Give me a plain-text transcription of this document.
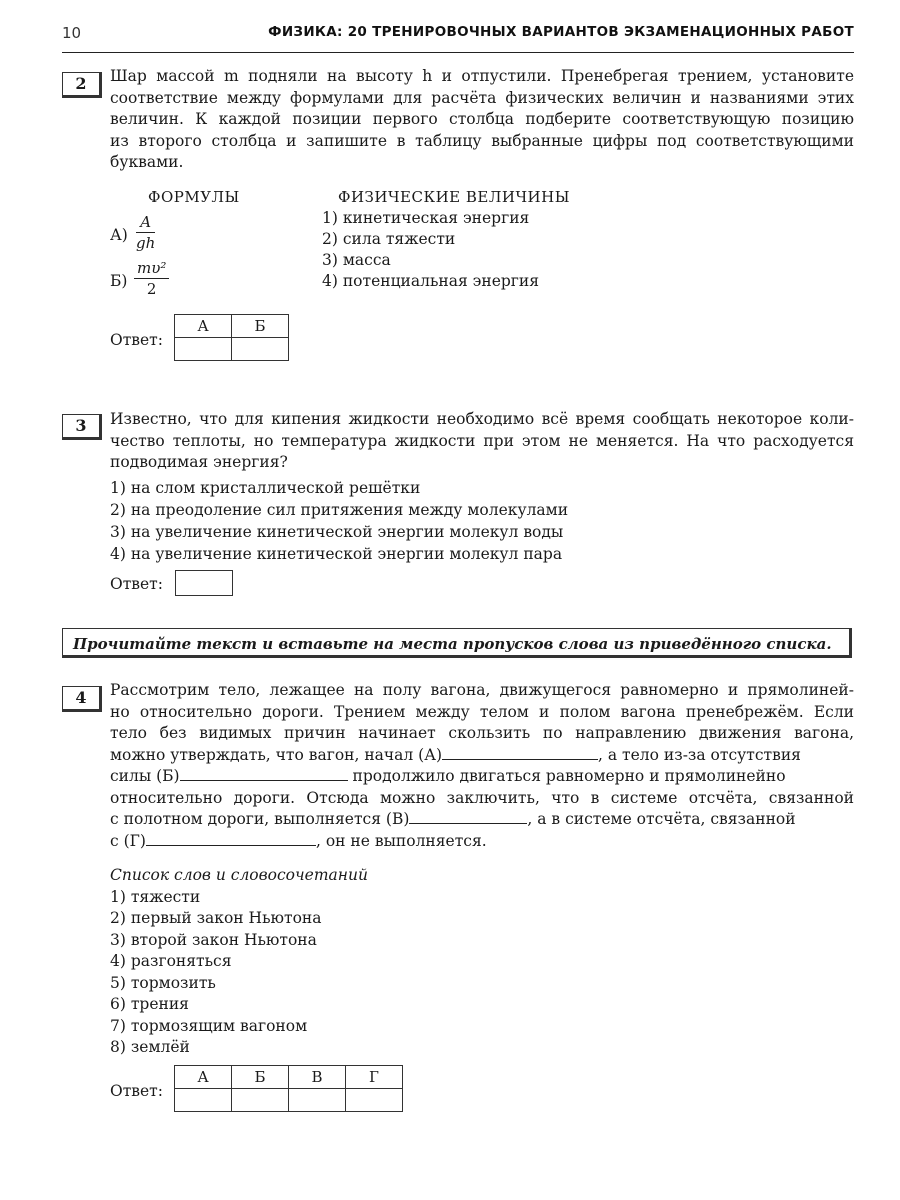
10	ФИЗИКА: 20 ТРЕНИРОВОЧНЫХ ВАРИАНТОВ ЭКЗАМЕНАЦИОННЫХ РАБОТ
2	Шар массой m подняли на высоту h и отпустили. Пренебрегая трением, установите
соответствие между формулами для расчёта физических величин и названиями этих
величин. К каждой позиции первого столбца подберите соответствующую позицию
из второго столбца и запишите в таблицу выбранные цифры под соответствующими
буквами.
ФОРМУЛЫ	ФИЗИЧЕСКИЕ ВЕЛИЧИНЫ
$А) \frac{A}{gh}$
$Б) \frac{\text{mυ²}}{2}$
1) кинетическая энергия
2) сила тяжести
3) масса
4) потенциальная энергия
Ответ:
А	Б

3	Известно, что для кипения жидкости необходимо всё время сообщать некоторое коли-
чество теплоты, но температура жидкости при этом не меняется. На что расходуется
подводимая энергия?
1) на слом кристаллической решётки
2) на преодоление сил притяжения между молекулами
3) на увеличение кинетической энергии молекул воды
4) на увеличение кинетической энергии молекул пара
Ответ:
Прочитайте текст и вставьте на места пропусков слова из приведённого списка.
4	Рассмотрим тело, лежащее на полу вагона, движущегося равномерно и прямолиней-
но относительно дороги. Трением между телом и полом вагона пренебрежём. Если
тело без видимых причин начинает скользить по направлению движения вагона,
можно утверждать, что вагон, начал (А)	, а тело из-за отсутствия
силы (Б)	продолжило двигаться равномерно и прямолинейно
относительно дороги. Отсюда можно заключить, что в системе отсчёта, связанной
с полотном дороги, выполняется (В)	, а в системе отсчёта, связанной
с (Г)	, он не выполняется.
Список слов и словосочетаний
1) тяжести
2) первый закон Ньютона
3) второй закон Ньютона
4) разгоняться
5) тормозить
6) трения
7) тормозящим вагоном
8) землёй
Ответ:
А	Б	В	Г
